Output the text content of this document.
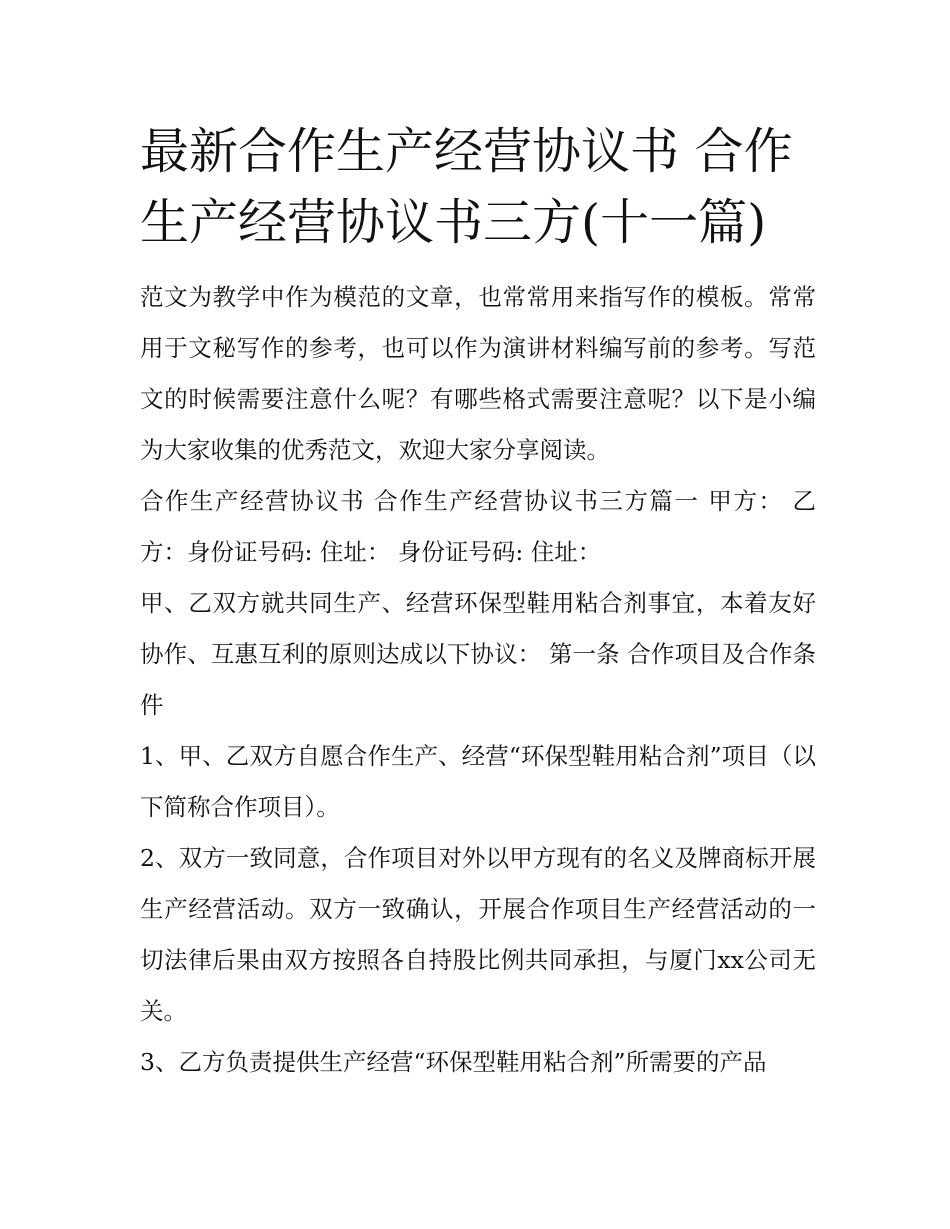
最新合作生产经营协议书 合作生产经营协议书三方(十一篇)

范文为教学中作为模范的文章，也常常用来指写作的模板。常常用于文秘写作的参考，也可以作为演讲材料编写前的参考。写范文的时候需要注意什么呢？有哪些格式需要注意呢？以下是小编为大家收集的优秀范文，欢迎大家分享阅读。

合作生产经营协议书 合作生产经营协议书三方篇一 甲方： 乙方：身份证号码: 住址： 身份证号码: 住址：

甲、乙双方就共同生产、经营环保型鞋用粘合剂事宜，本着友好协作、互惠互利的原则达成以下协议： 第一条 合作项目及合作条件

1、甲、乙双方自愿合作生产、经营“环保型鞋用粘合剂”项目（以下简称合作项目）。

2、双方一致同意，合作项目对外以甲方现有的名义及牌商标开展生产经营活动。双方一致确认，开展合作项目生产经营活动的一切法律后果由双方按照各自持股比例共同承担，与厦门xx公司无关。

3、乙方负责提供生产经营“环保型鞋用粘合剂”所需要的产品
